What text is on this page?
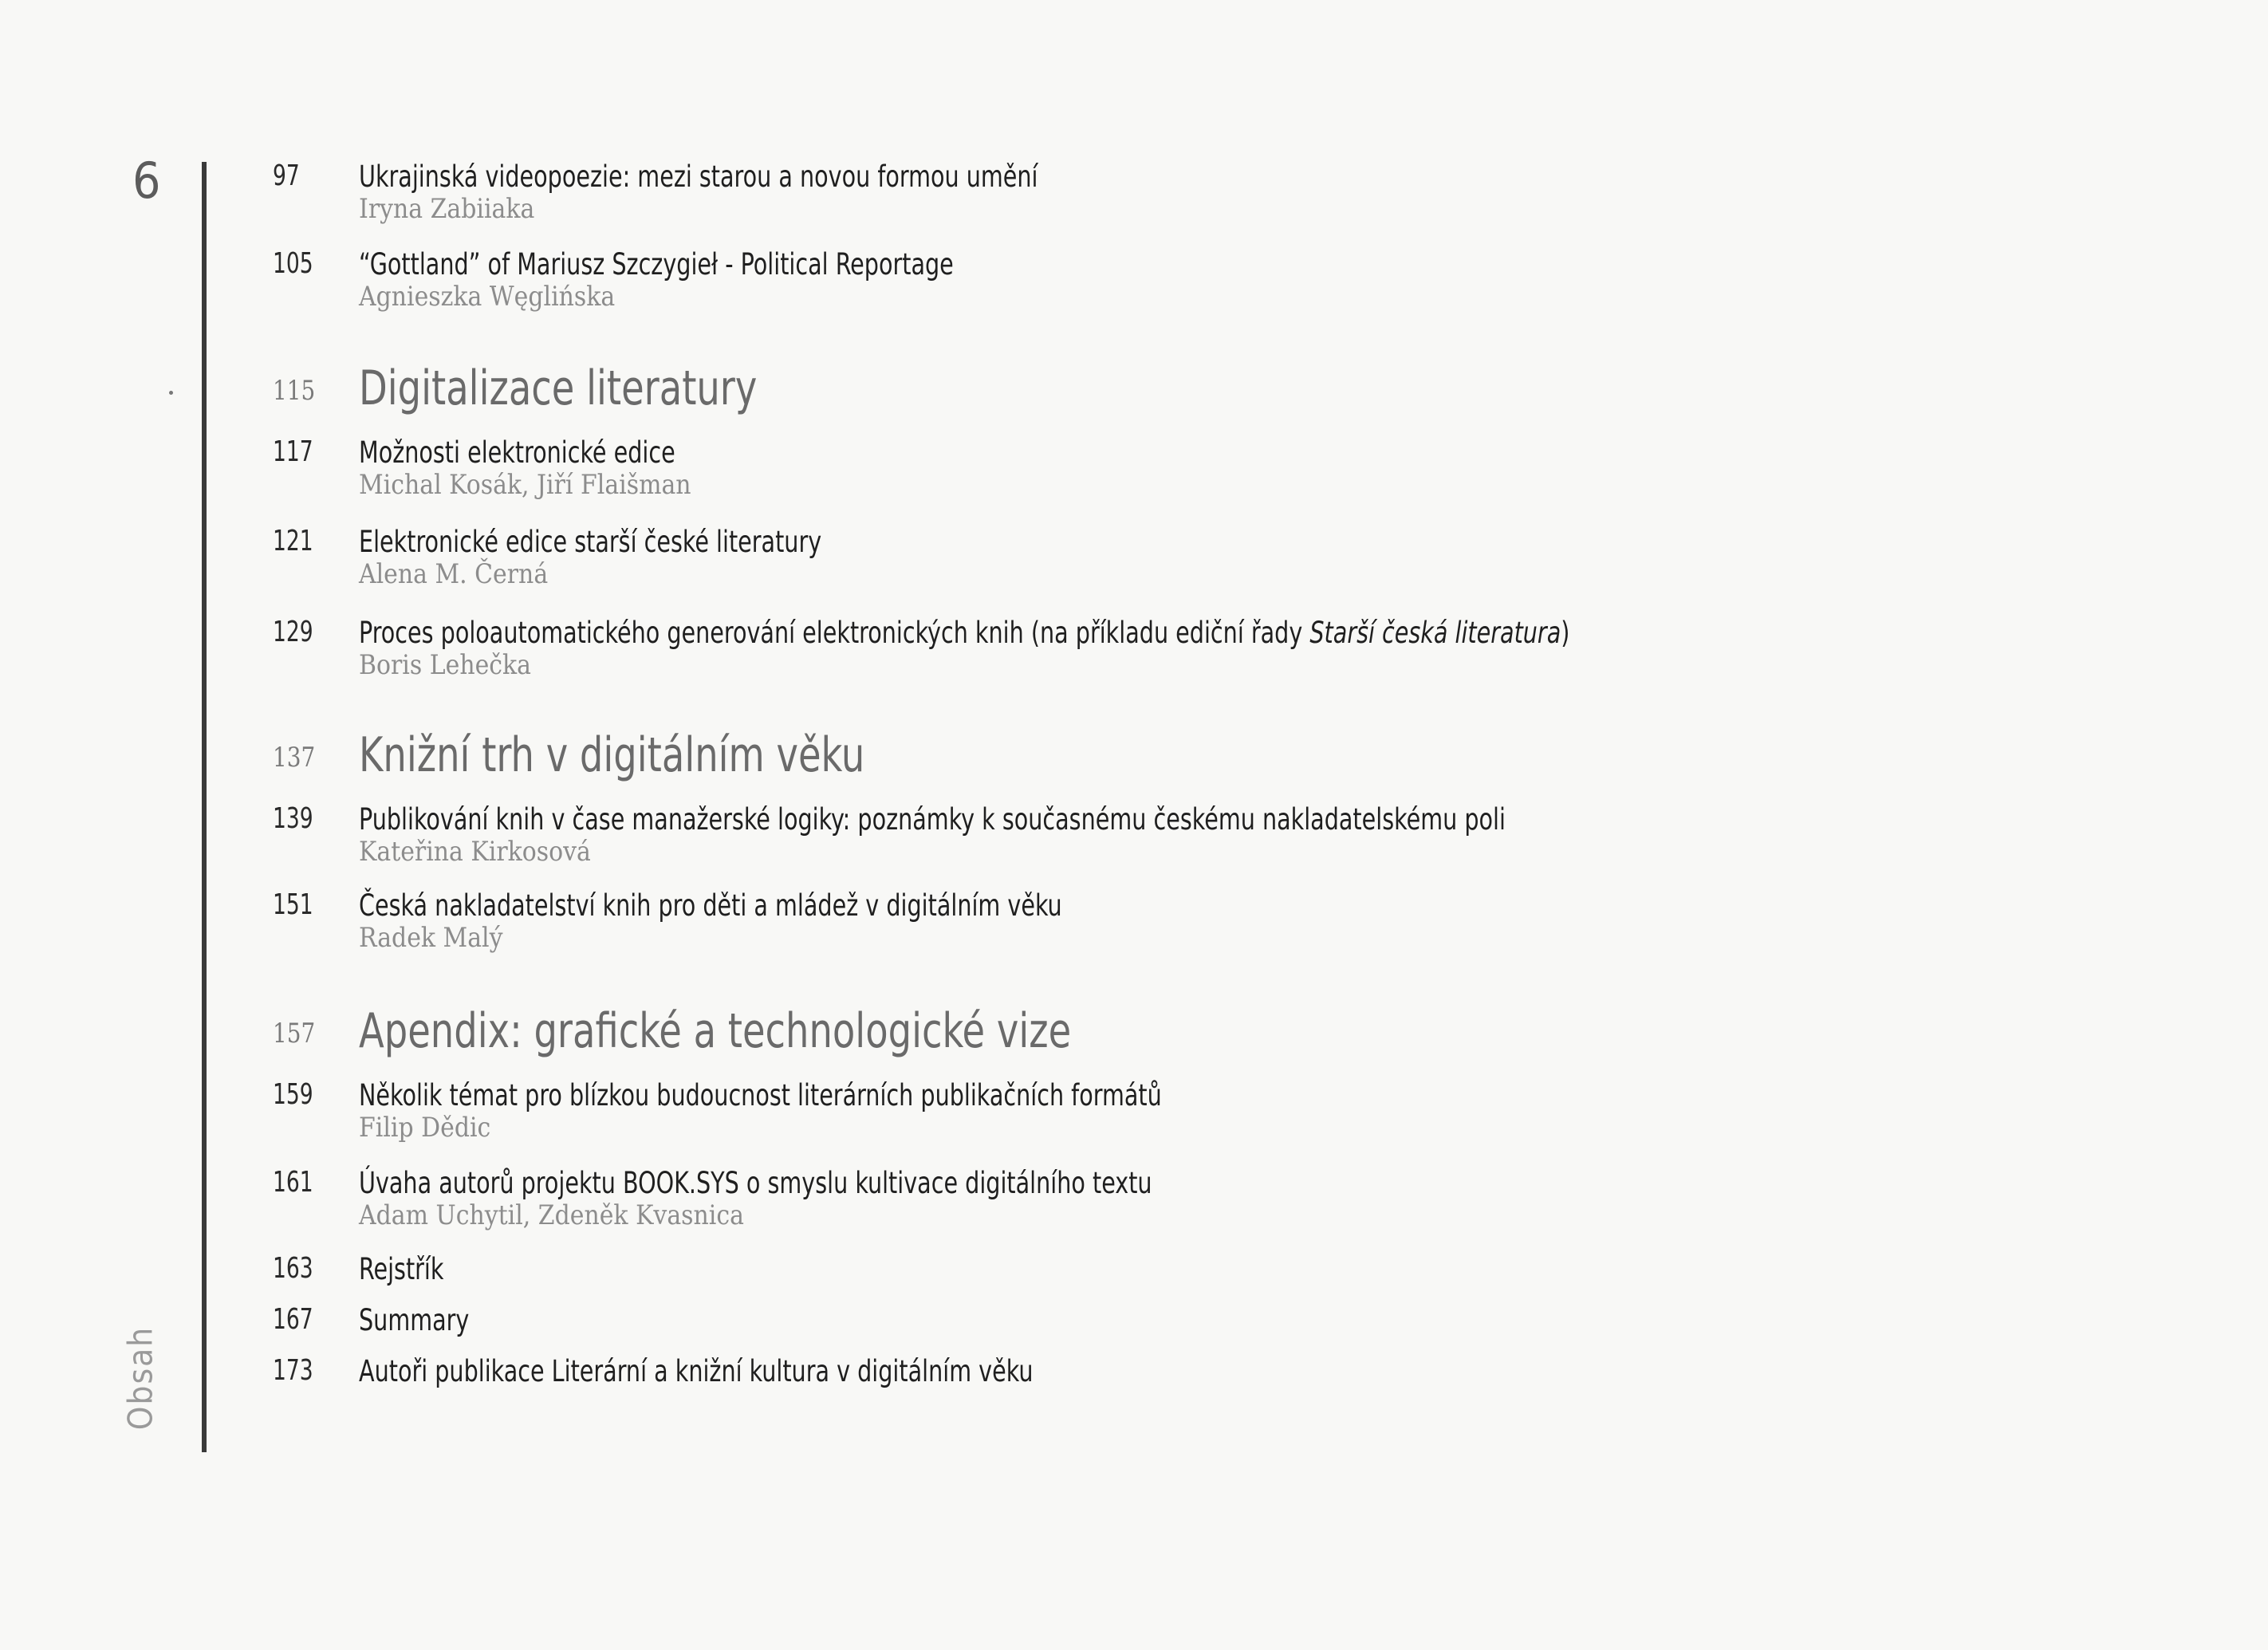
6
Obsah
97 Ukrajinská videopoezie: mezi starou a novou formou umění
Iryna Zabiiaka
105 “Gottland” of Mariusz Szczygieł - Political Reportage
Agnieszka Węglińska
115 Digitalizace literatury
117 Možnosti elektronické edice
Michal Kosák, Jiří Flaišman
121 Elektronické edice starší české literatury
Alena M. Černá
129 Proces poloautomatického generování elektronických knih (na příkladu ediční řady Starší česká literatura)
Boris Lehečka
137 Knižní trh v digitálním věku
139 Publikování knih v čase manažerské logiky: poznámky k současnému českému nakladatelskému poli
Kateřina Kirkosová
151 Česká nakladatelství knih pro děti a mládež v digitálním věku
Radek Malý
157 Apendix: grafické a technologické vize
159 Několik témat pro blízkou budoucnost literárních publikačních formátů
Filip Dědic
161 Úvaha autorů projektu BOOK.SYS o smyslu kultivace digitálního textu
Adam Uchytil, Zdeněk Kvasnica
163 Rejstřík
167 Summary
173 Autoři publikace Literární a knižní kultura v digitálním věku
